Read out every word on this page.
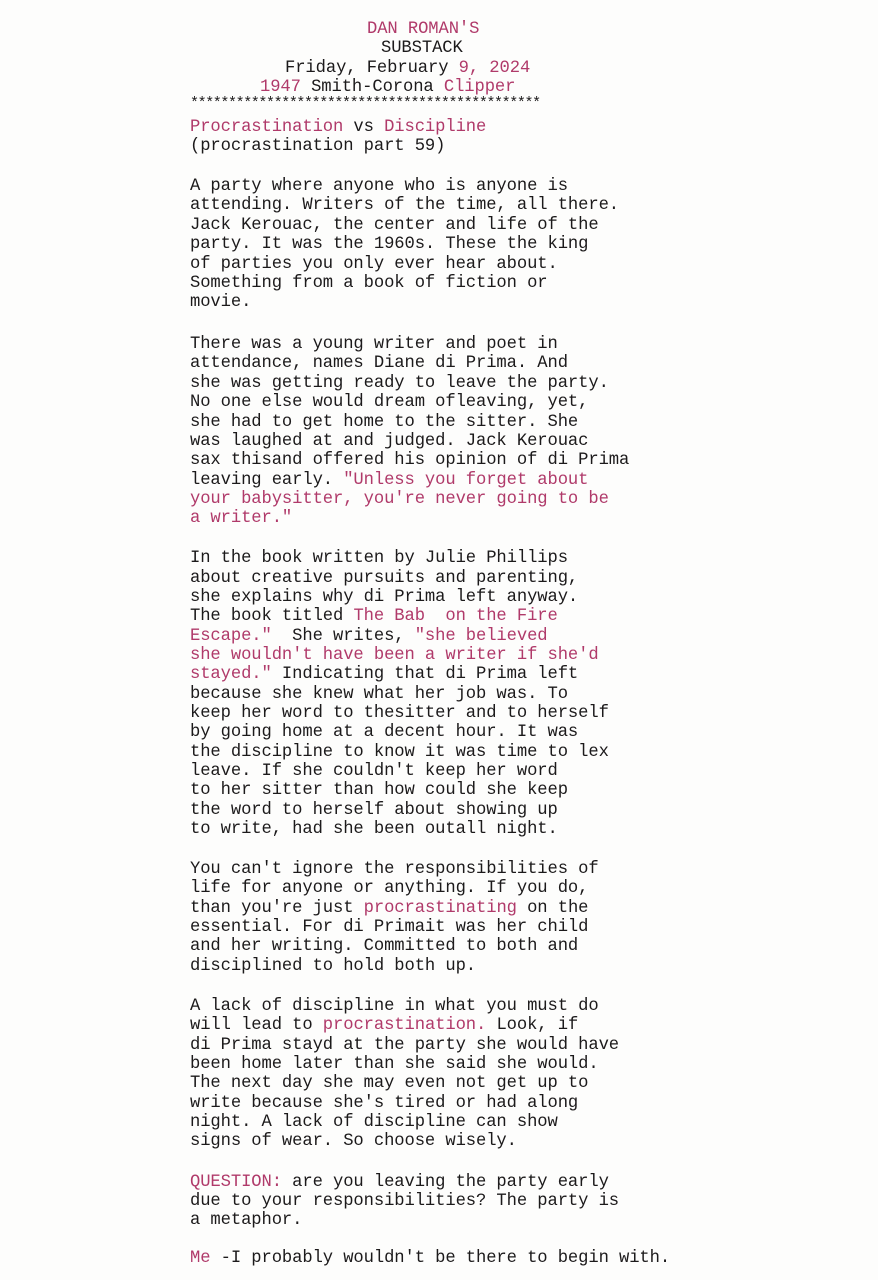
DAN ROMAN'S
SUBSTACK
Friday, February 9, 2024
1947 Smith-Corona Clipper
**********************************************
Procrastination vs Discipline
(procrastination part 59)
A party where anyone who is anyone is
attending. Writers of the time, all there.
Jack Kerouac, the center and life of the
party. It was the 1960s. These the king
of parties you only ever hear about.
Something from a book of fiction or
movie.
There was a young writer and poet in
attendance, names Diane di Prima. And
she was getting ready to leave the party.
No one else would dream ofleaving, yet,
she had to get home to the sitter. She
was laughed at and judged. Jack Kerouac
sax thisand offered his opinion of di Prima
leaving early. "Unless you forget about
your babysitter, you're never going to be
a writer."
In the book written by Julie Phillips
about creative pursuits and parenting,
she explains why di Prima left anyway.
The book titled The Bab  on the Fire
Escape."  She writes, "she believed
she wouldn't have been a writer if she'd
stayed." Indicating that di Prima left
because she knew what her job was. To
keep her word to thesitter and to herself
by going home at a decent hour. It was
the discipline to know it was time to lex
leave. If she couldn't keep her word
to her sitter than how could she keep
the word to herself about showing up
to write, had she been outall night.
You can't ignore the responsibilities of
life for anyone or anything. If you do,
than you're just procrastinating on the
essential. For di Primait was her child
and her writing. Committed to both and
disciplined to hold both up.
A lack of discipline in what you must do
will lead to procrastination. Look, if
di Prima stayd at the party she would have
been home later than she said she would.
The next day she may even not get up to
write because she's tired or had along
night. A lack of discipline can show
signs of wear. So choose wisely.
QUESTION: are you leaving the party early
due to your responsibilities? The party is
a metaphor.
Me -I probably wouldn't be there to begin with.
